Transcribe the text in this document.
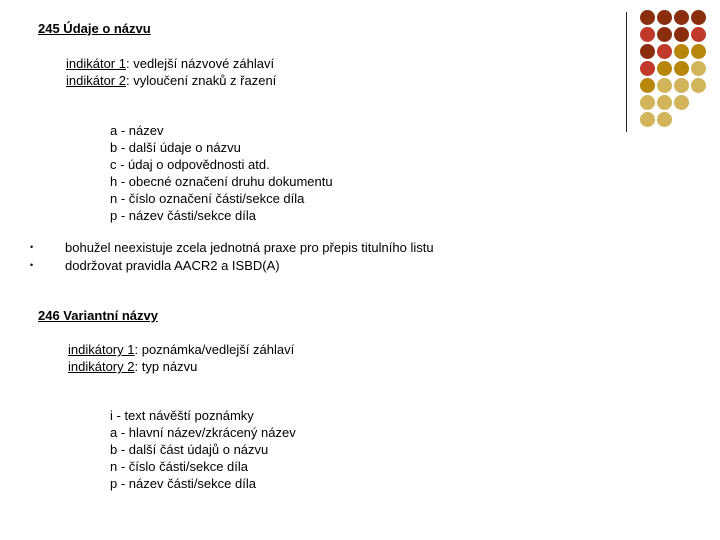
245 Údaje o názvu
indikátor 1: vedlejší názvové záhlaví
indikátor 2: vyloučení znaků z řazení
a - název
b - další údaje o názvu
c - údaj o odpovědnosti atd.
h - obecné označení druhu dokumentu
n - číslo označení části/sekce díla
p - název části/sekce díla
• bohužel neexistuje zcela jednotná praxe pro přepis titulního listu
• dodržovat pravidla AACR2 a ISBD(A)
246 Variantní názvy
indikátory 1: poznámka/vedlejší záhlaví
indikátory 2: typ názvu
i - text návěští poznámky
a - hlavní název/zkrácený název
b - další část údajů o názvu
n - číslo části/sekce díla
p - název části/sekce díla
